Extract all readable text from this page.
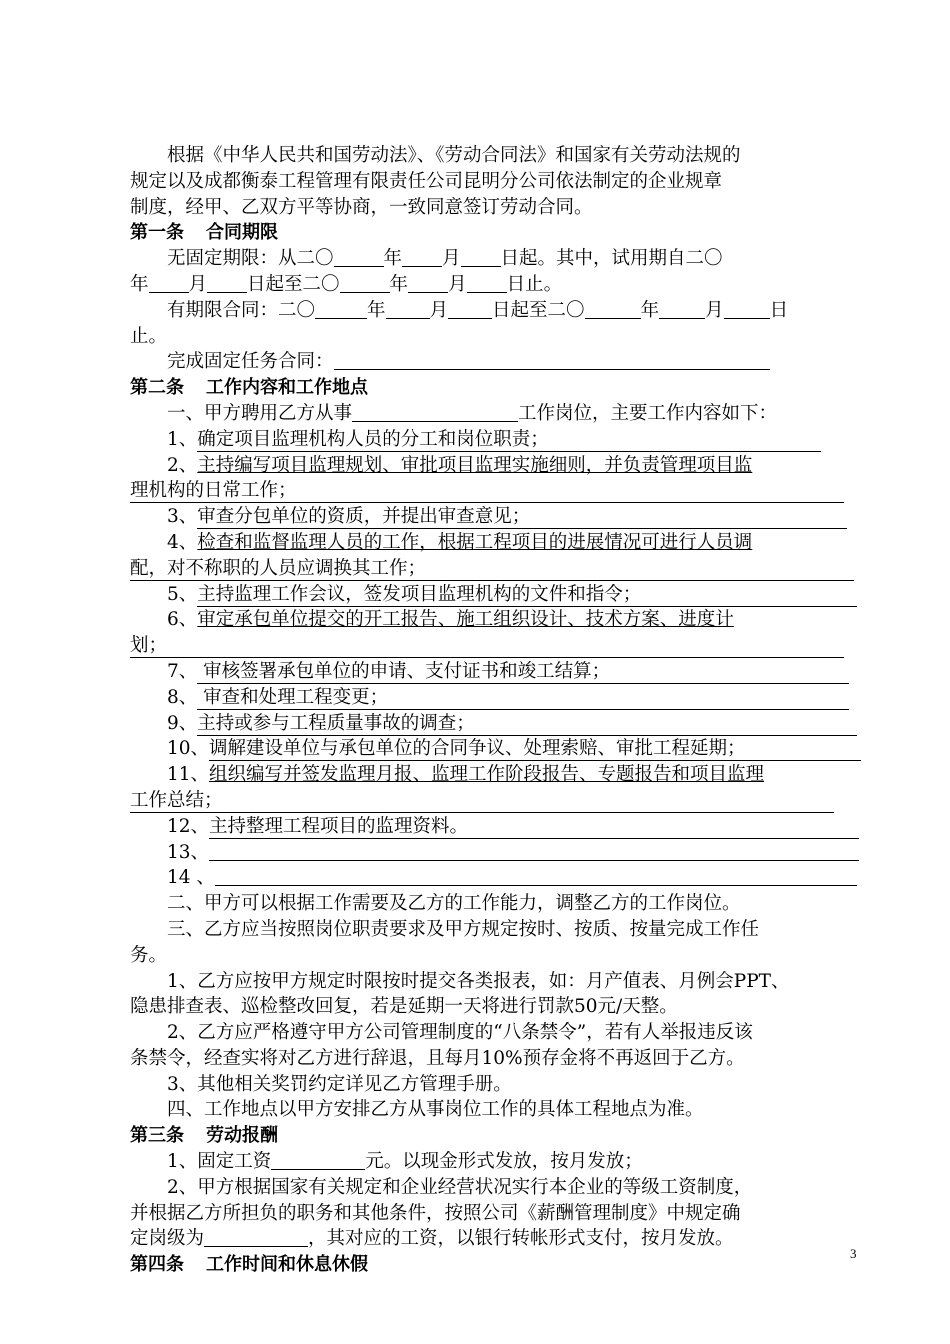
根据《中华人民共和国劳动法》、《劳动合同法》和国家有关劳动法规的

规定以及成都衡泰工程管理有限责任公司昆明分公司依法制定的企业规章

制度，经甲、乙双方平等协商，一致同意签订劳动合同。

第一条 合同期限

无固定期限：从二〇	年 月 日起。其中，试用期自二〇

年 月 日起至二〇	年 月 日止。

有期限合同：二〇	年 月 日起至二〇	年 月 日

止。

完成固定任务合同：

第二条 工作内容和工作地点

一、甲方聘用乙方从事	工作岗位，主要工作内容如下：

1、确定项目监理机构人员的分工和岗位职责；

2、主持编写项目监理规划、审批项目监理实施细则，并负责管理项目监

理机构的日常工作；

3、审查分包单位的资质，并提出审查意见；

4、检查和监督监理人员的工作，根据工程项目的进展情况可进行人员调

配，对不称职的人员应调换其工作；

5、主持监理工作会议，签发项目监理机构的文件和指令；

6、审定承包单位提交的开工报告、施工组织设计、技术方案、进度计

划；

7、 审核签署承包单位的申请、支付证书和竣工结算；

8、 审查和处理工程变更；

9、主持或参与工程质量事故的调查；

10、调解建设单位与承包单位的合同争议、处理索赔、审批工程延期；

11、组织编写并签发监理月报、监理工作阶段报告、专题报告和项目监理

工作总结；

12、主持整理工程项目的监理资料。

13、

14 、

二、甲方可以根据工作需要及乙方的工作能力，调整乙方的工作岗位。

三、乙方应当按照岗位职责要求及甲方规定按时、按质、按量完成工作任

务。

1、乙方应按甲方规定时限按时提交各类报表，如：月产值表、月例会PPT、

隐患排查表、巡检整改回复，若是延期一天将进行罚款50元/天整。

2、乙方应严格遵守甲方公司管理制度的“八条禁令”，若有人举报违反该

条禁令，经查实将对乙方进行辞退，且每月10%预存金将不再返回于乙方。

3、其他相关奖罚约定详见乙方管理手册。

四、工作地点以甲方安排乙方从事岗位工作的具体工程地点为准。

第三条 劳动报酬

1、固定工资	元。以现金形式发放，按月发放；

2、甲方根据国家有关规定和企业经营状况实行本企业的等级工资制度，

并根据乙方所担负的职务和其他条件，按照公司《薪酬管理制度》中规定确

定岗级为	，其对应的工资，以银行转帐形式支付，按月发放。

第四条 工作时间和休息休假

3
